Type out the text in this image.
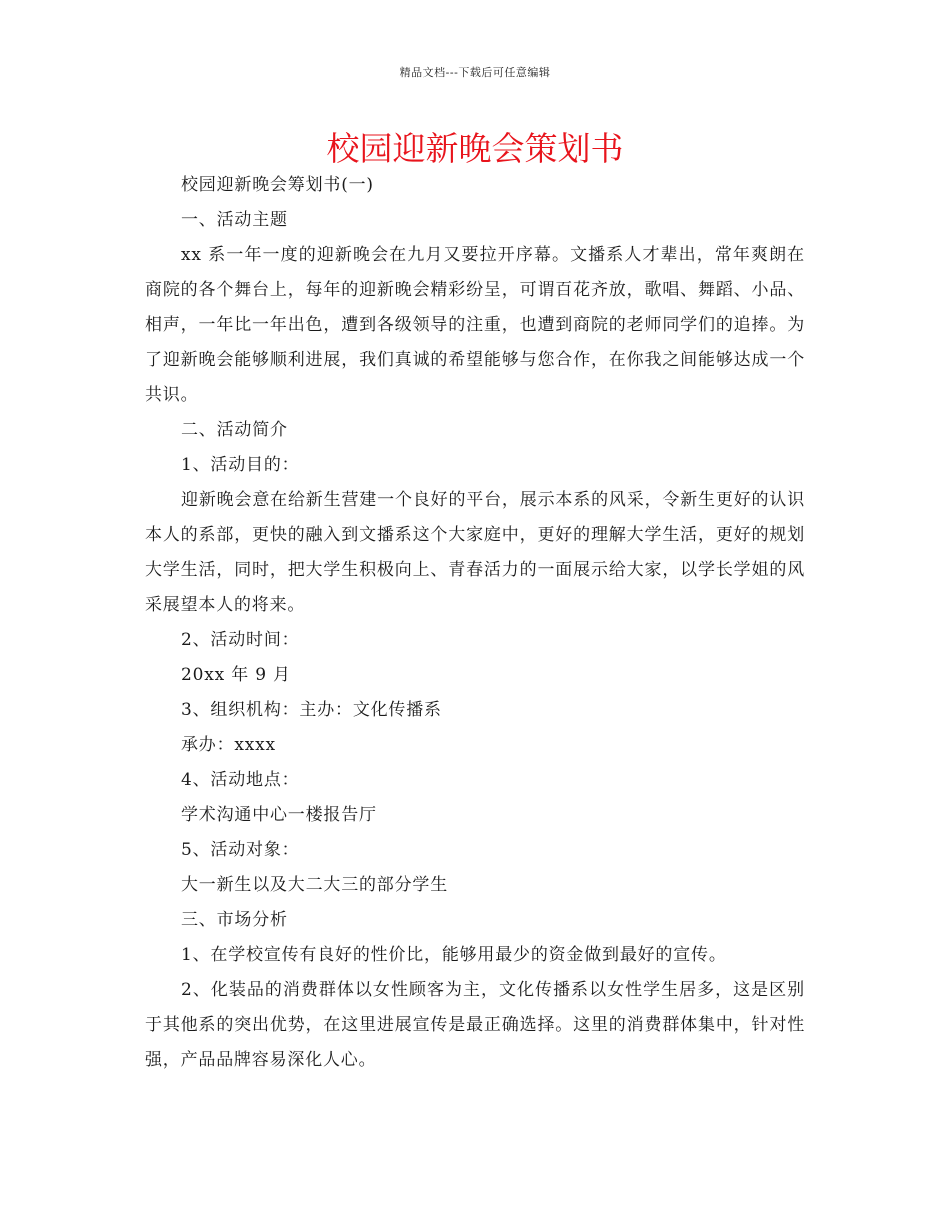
精品文档---下载后可任意编辑
校园迎新晚会策划书

校园迎新晚会筹划书(一)

一、活动主题

xx 系一年一度的迎新晚会在九月又要拉开序幕。文播系人才辈出，常年爽朗在商院的各个舞台上，每年的迎新晚会精彩纷呈，可谓百花齐放，歌唱、舞蹈、小品、相声，一年比一年出色，遭到各级领导的注重，也遭到商院的老师同学们的追捧。为了迎新晚会能够顺利进展，我们真诚的希望能够与您合作，在你我之间能够达成一个共识。

二、活动简介

1、活动目的：

迎新晚会意在给新生营建一个良好的平台，展示本系的风采，令新生更好的认识本人的系部，更快的融入到文播系这个大家庭中，更好的理解大学生活，更好的规划大学生活，同时，把大学生积极向上、青春活力的一面展示给大家，以学长学姐的风采展望本人的将来。

2、活动时间：

20xx 年 9 月

3、组织机构：主办：文化传播系

承办：xxxx

4、活动地点：

学术沟通中心一楼报告厅

5、活动对象：

大一新生以及大二大三的部分学生

三、市场分析

1、在学校宣传有良好的性价比，能够用最少的资金做到最好的宣传。

2、化装品的消费群体以女性顾客为主，文化传播系以女性学生居多，这是区别于其他系的突出优势，在这里进展宣传是最正确选择。这里的消费群体集中，针对性强，产品品牌容易深化人心。
